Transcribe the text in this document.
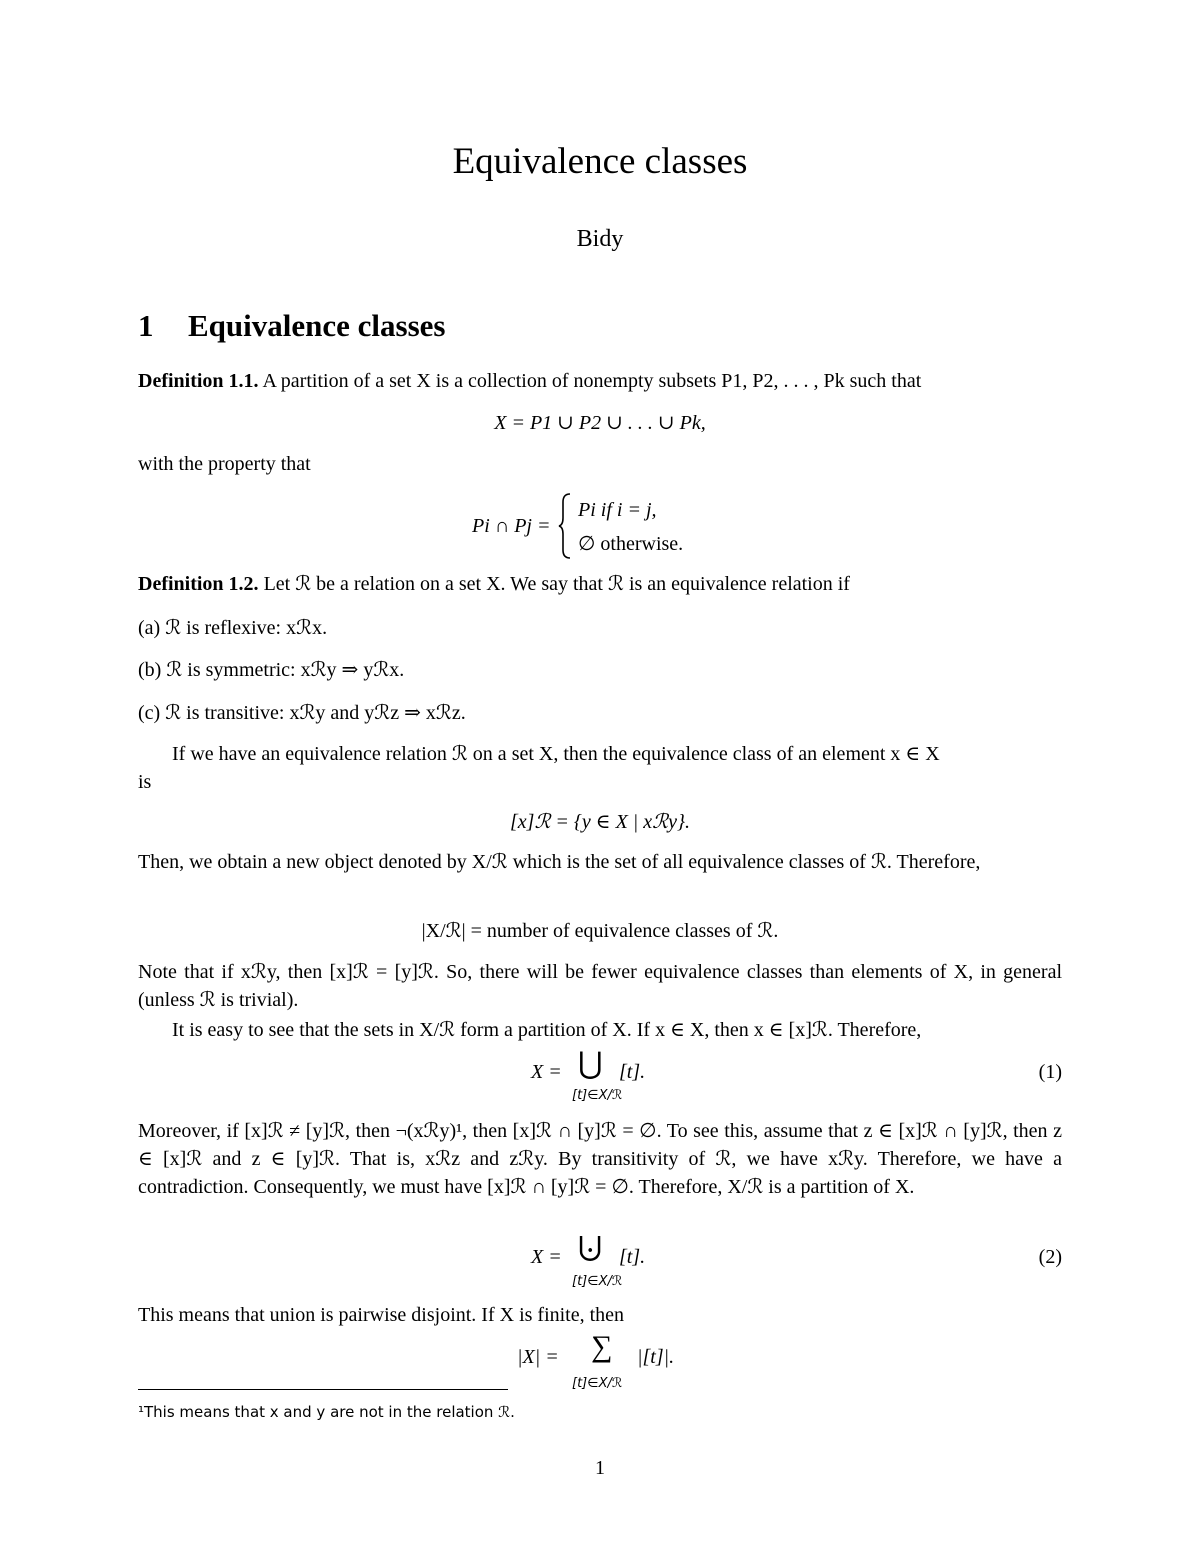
Equivalence classes
Bidy
1 Equivalence classes
Definition 1.1. A partition of a set X is a collection of nonempty subsets P1, P2, . . . , Pk such that
X = P1 ∪ P2 ∪ . . . ∪ Pk,
with the property that
Pi ∩ Pj =
Pi if i = j,
∅ otherwise.
Definition 1.2. Let ℛ be a relation on a set X. We say that ℛ is an equivalence relation if
(a) ℛ is reflexive: xℛx.
(b) ℛ is symmetric: xℛy ⇒ yℛx.
(c) ℛ is transitive: xℛy and yℛz ⇒ xℛz.
If we have an equivalence relation ℛ on a set X, then the equivalence class of an element x ∈ X
is
[x]ℛ = {y ∈ X | xℛy}.
Then, we obtain a new object denoted by X/ℛ which is the set of all equivalence classes of ℛ. Therefore,
|X/ℛ| = number of equivalence classes of ℛ.
Note that if xℛy, then [x]ℛ = [y]ℛ. So, there will be fewer equivalence classes than elements of X, in general (unless ℛ is trivial).
It is easy to see that the sets in X/ℛ form a partition of X. If x ∈ X, then x ∈ [x]ℛ. Therefore,
X = ⋃ [t].
[t]∈X/ℛ
(1)
Moreover, if [x]ℛ ≠ [y]ℛ, then ¬(xℛy)¹, then [x]ℛ ∩ [y]ℛ = ∅. To see this, assume that z ∈ [x]ℛ ∩ [y]ℛ, then z ∈ [x]ℛ and z ∈ [y]ℛ. That is, xℛz and zℛy. By transitivity of ℛ, we have xℛy. Therefore, we have a contradiction. Consequently, we must have [x]ℛ ∩ [y]ℛ = ∅. Therefore, X/ℛ is a partition of X.
X = ⨃ [t].
[t]∈X/ℛ
(2)
This means that union is pairwise disjoint. If X is finite, then
|X| = ∑ |[t]|.
[t]∈X/ℛ
¹This means that x and y are not in the relation ℛ.
1
